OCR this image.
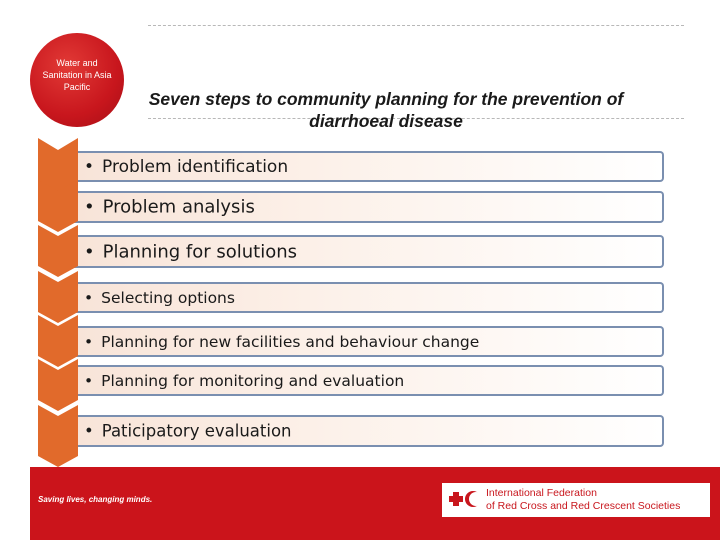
Water and
Sanitation in Asia
Pacific
Seven steps to community planning for the prevention of
diarrhoeal disease
• Problem identification
Step
• Problem analysis
Step
2
• Planning for solutions
Step
• Selecting options
Step
• Planning for new facilities and behaviour change
• Planning for monitoring and evaluation
Step
• Paticipatory evaluation
Step
7
Saving lives, changing minds.
International Federation
of Red Cross and Red Crescent Societies
